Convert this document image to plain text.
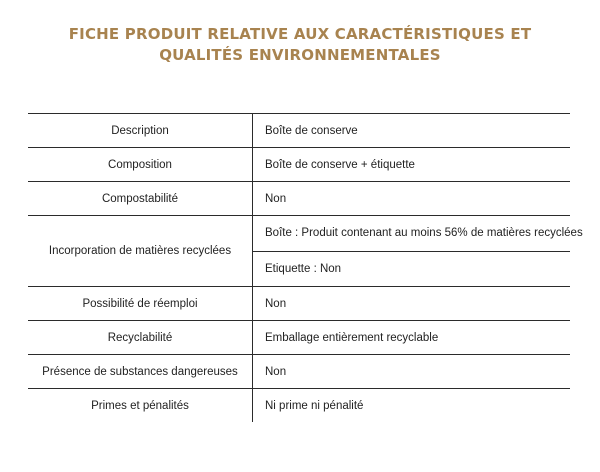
FICHE PRODUIT RELATIVE AUX CARACTÉRISTIQUES ET
QUALITÉS ENVIRONNEMENTALES
Description	Boîte de conserve
Composition	Boîte de conserve + étiquette
Compostabilité	Non
Incorporation de matières recyclées	Boîte : Produit contenant au moins 56% de matières recyclées
	Etiquette : Non
Possibilité de réemploi	Non
Recyclabilité	Emballage entièrement recyclable
Présence de substances dangereuses	Non
Primes et pénalités	Ni prime ni pénalité
